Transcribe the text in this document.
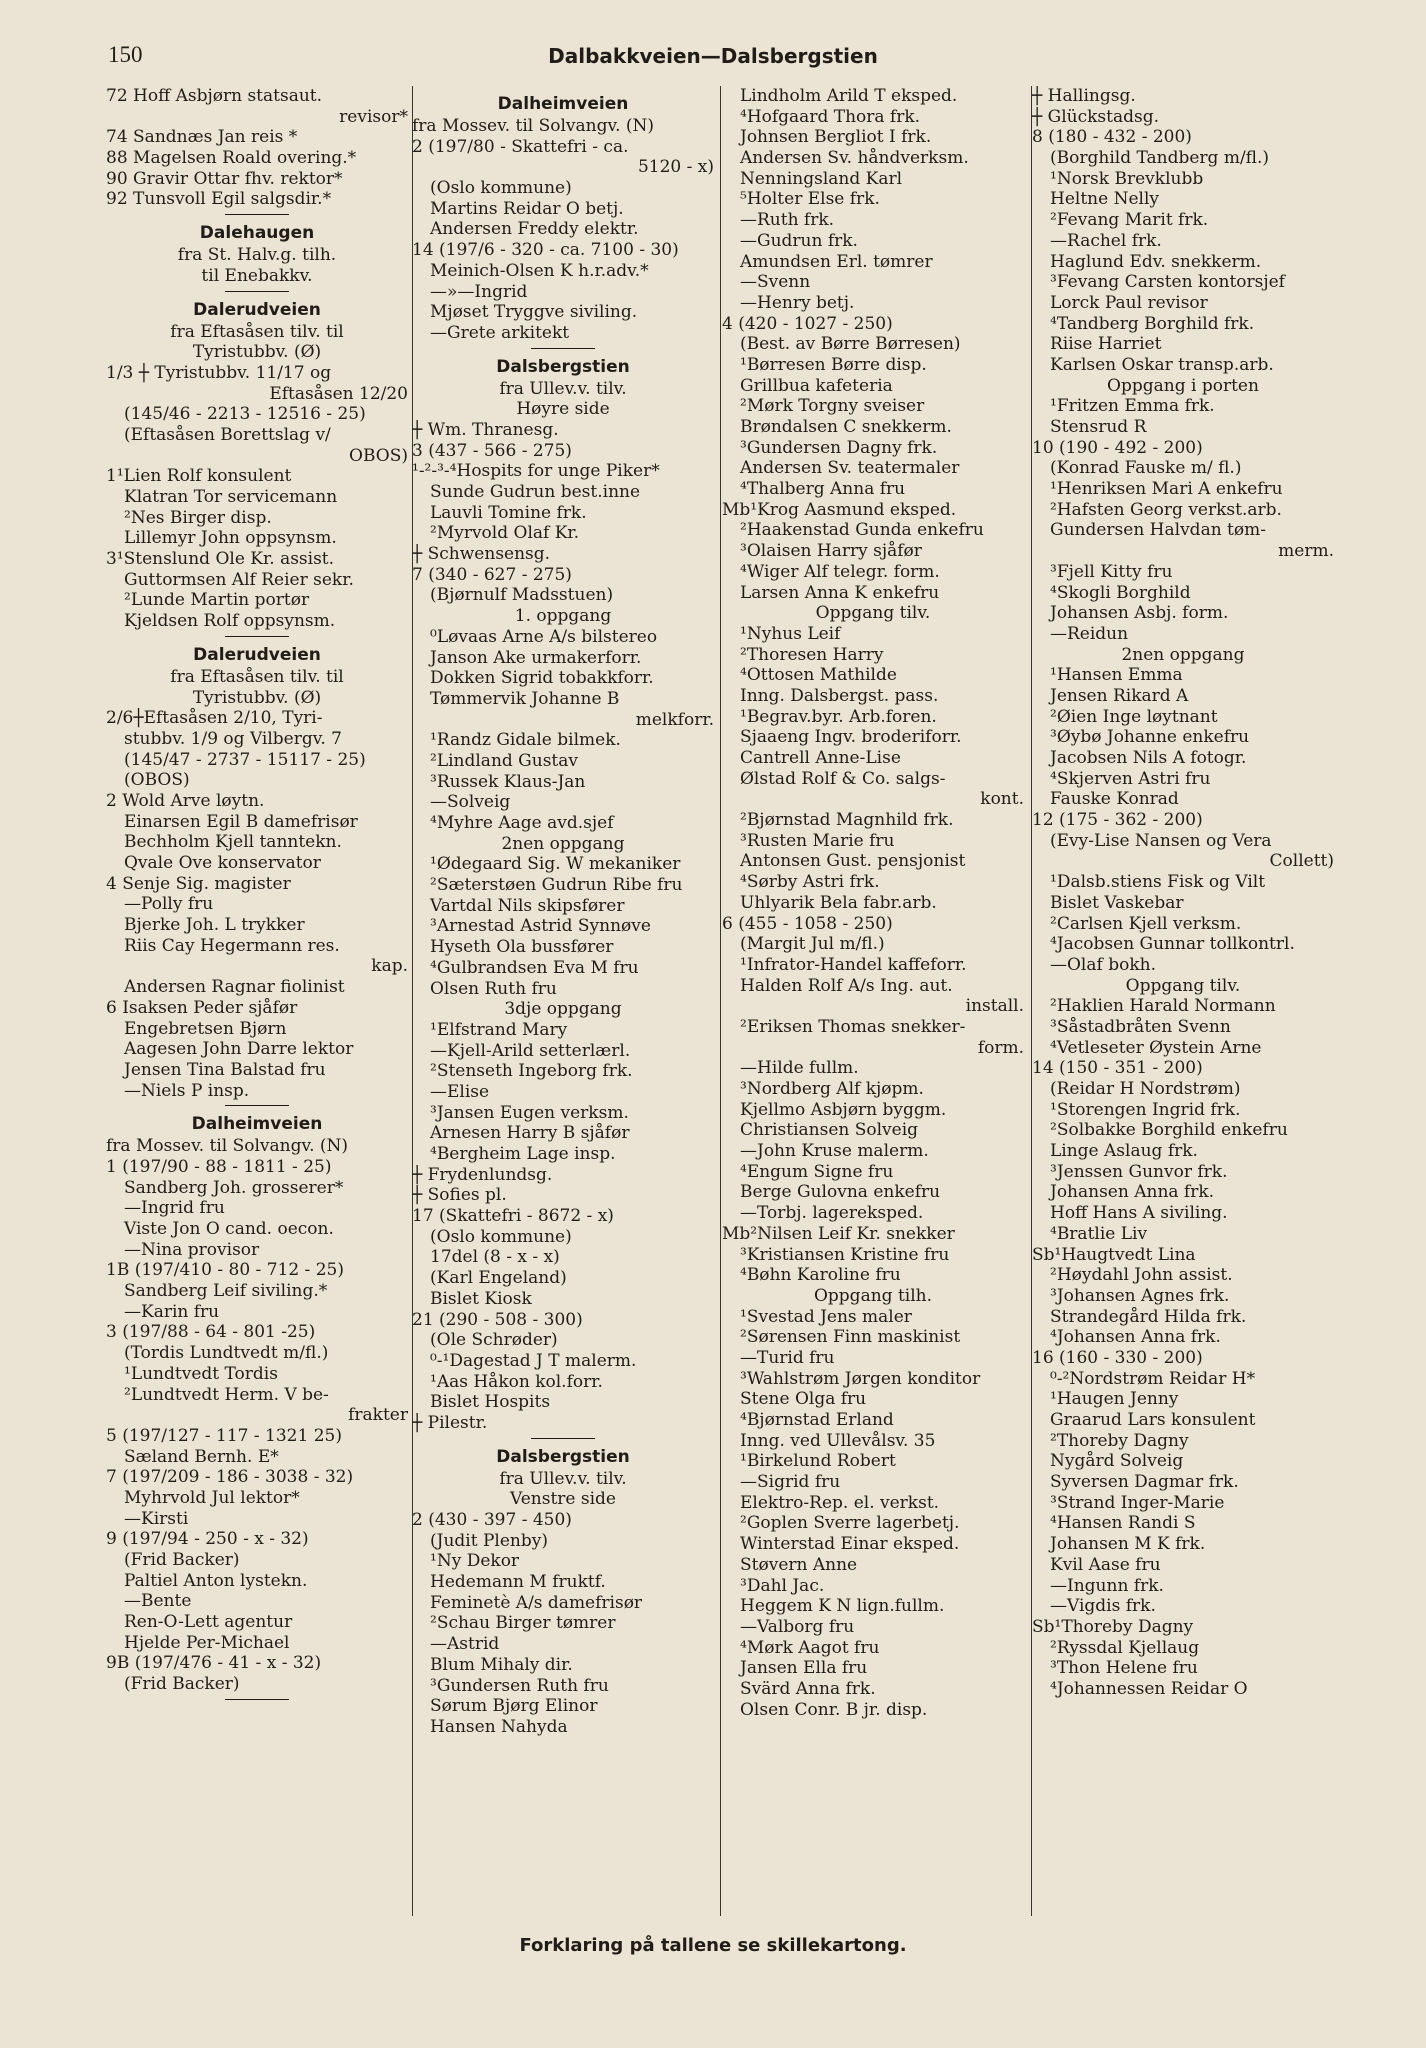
150	Dalbakkveien—Dalsbergstien
72 Hoff Asbjørn statsaut.
revisor*
74 Sandnæs Jan reis *
88 Magelsen Roald overing.*
90 Gravir Ottar fhv. rektor*
92 Tunsvoll Egil salgsdir.*
Dalehaugen
fra St. Halv.g. tilh.
til Enebakkv.
Dalerudveien
fra Eftasåsen tilv. til
Tyristubbv. (Ø)
1/3 ┼ Tyristubbv. 11/17 og
Eftasåsen 12/20
(145/46 - 2213 - 12516 - 25)
(Eftasåsen Borettslag v/
OBOS)
1¹Lien Rolf konsulent
Klatran Tor servicemann
²Nes Birger disp.
Lillemyr John oppsynsm.
3¹Stenslund Ole Kr. assist.
Guttormsen Alf Reier sekr.
²Lunde Martin portør
Kjeldsen Rolf oppsynsm.
Dalerudveien
fra Eftasåsen tilv. til
Tyristubbv. (Ø)
2/6┼Eftasåsen 2/10, Tyri-
stubbv. 1/9 og Vilbergv. 7
(145/47 - 2737 - 15117 - 25)
(OBOS)
2 Wold Arve løytn.
Einarsen Egil B damefrisør
Bechholm Kjell tanntekn.
Qvale Ove konservator
4 Senje Sig. magister
—Polly fru
Bjerke Joh. L trykker
Riis Cay Hegermann res.
kap.
Andersen Ragnar fiolinist
6 Isaksen Peder sjåfør
Engebretsen Bjørn
Aagesen John Darre lektor
Jensen Tina Balstad fru
—Niels P insp.
Dalheimveien
fra Mossev. til Solvangv. (N)
1 (197/90 - 88 - 1811 - 25)
Sandberg Joh. grosserer*
—Ingrid fru
Viste Jon O cand. oecon.
—Nina provisor
1B (197/410 - 80 - 712 - 25)
Sandberg Leif siviling.*
—Karin fru
3 (197/88 - 64 - 801 -25)
(Tordis Lundtvedt m/fl.)
¹Lundtvedt Tordis
²Lundtvedt Herm. V be-
frakter
5 (197/127 - 117 - 1321 25)
Sæland Bernh. E*
7 (197/209 - 186 - 3038 - 32)
Myhrvold Jul lektor*
—Kirsti
9 (197/94 - 250 - x - 32)
(Frid Backer)
Paltiel Anton lystekn.
—Bente
Ren-O-Lett agentur
Hjelde Per-Michael
9B (197/476 - 41 - x - 32)
(Frid Backer)
Dalheimveien
fra Mossev. til Solvangv. (N)
2 (197/80 - Skattefri - ca.
5120 - x)
(Oslo kommune)
Martins Reidar O betj.
Andersen Freddy elektr.
14 (197/6 - 320 - ca. 7100 - 30)
Meinich-Olsen K h.r.adv.*
—»—Ingrid
Mjøset Tryggve siviling.
—Grete arkitekt
Dalsbergstien
fra Ullev.v. tilv.
Høyre side
┼ Wm. Thranesg.
3 (437 - 566 - 275)
¹-²-³-⁴Hospits for unge Piker*
Sunde Gudrun best.inne
Lauvli Tomine frk.
²Myrvold Olaf Kr.
┼ Schwensensg.
7 (340 - 627 - 275)
(Bjørnulf Madsstuen)
1. oppgang
⁰Løvaas Arne A/s bilstereo
Janson Ake urmakerforr.
Dokken Sigrid tobakkforr.
Tømmervik Johanne B
melkforr.
¹Randz Gidale bilmek.
²Lindland Gustav
³Russek Klaus-Jan
—Solveig
⁴Myhre Aage avd.sjef
2nen oppgang
¹Ødegaard Sig. W mekaniker
²Sæterstøen Gudrun Ribe fru
Vartdal Nils skipsfører
³Arnestad Astrid Synnøve
Hyseth Ola bussfører
⁴Gulbrandsen Eva M fru
Olsen Ruth fru
3dje oppgang
¹Elfstrand Mary
—Kjell-Arild setterlærl.
²Stenseth Ingeborg frk.
—Elise
³Jansen Eugen verksm.
Arnesen Harry B sjåfør
⁴Bergheim Lage insp.
┼ Frydenlundsg.
┼ Sofies pl.
17 (Skattefri - 8672 - x)
(Oslo kommune)
17del (8 - x - x)
(Karl Engeland)
Bislet Kiosk
21 (290 - 508 - 300)
(Ole Schrøder)
⁰-¹Dagestad J T malerm.
¹Aas Håkon kol.forr.
Bislet Hospits
┼ Pilestr.
Dalsbergstien
fra Ullev.v. tilv.
Venstre side
2 (430 - 397 - 450)
(Judit Plenby)
¹Ny Dekor
Hedemann M fruktf.
Feminetè A/s damefrisør
²Schau Birger tømrer
—Astrid
Blum Mihaly dir.
³Gundersen Ruth fru
Sørum Bjørg Elinor
Hansen Nahyda
Lindholm Arild T eksped.
⁴Hofgaard Thora frk.
Johnsen Bergliot I frk.
Andersen Sv. håndverksm.
Nenningsland Karl
⁵Holter Else frk.
—Ruth frk.
—Gudrun frk.
Amundsen Erl. tømrer
—Svenn
—Henry betj.
4 (420 - 1027 - 250)
(Best. av Børre Børresen)
¹Børresen Børre disp.
Grillbua kafeteria
²Mørk Torgny sveiser
Brøndalsen C snekkerm.
³Gundersen Dagny frk.
Andersen Sv. teatermaler
⁴Thalberg Anna fru
Mb¹Krog Aasmund eksped.
²Haakenstad Gunda enkefru
³Olaisen Harry sjåfør
⁴Wiger Alf telegr. form.
Larsen Anna K enkefru
Oppgang tilv.
¹Nyhus Leif
²Thoresen Harry
⁴Ottosen Mathilde
Inng. Dalsbergst. pass.
¹Begrav.byr. Arb.foren.
Sjaaeng Ingv. broderiforr.
Cantrell Anne-Lise
Ølstad Rolf & Co. salgs-
kont.
²Bjørnstad Magnhild frk.
³Rusten Marie fru
Antonsen Gust. pensjonist
⁴Sørby Astri frk.
Uhlyarik Bela fabr.arb.
6 (455 - 1058 - 250)
(Margit Jul m/fl.)
¹Infrator-Handel kaffeforr.
Halden Rolf A/s Ing. aut.
install.
²Eriksen Thomas snekker-
form.
—Hilde fullm.
³Nordberg Alf kjøpm.
Kjellmo Asbjørn byggm.
Christiansen Solveig
—John Kruse malerm.
⁴Engum Signe fru
Berge Gulovna enkefru
—Torbj. lagereksped.
Mb²Nilsen Leif Kr. snekker
³Kristiansen Kristine fru
⁴Bøhn Karoline fru
Oppgang tilh.
¹Svestad Jens maler
²Sørensen Finn maskinist
—Turid fru
³Wahlstrøm Jørgen konditor
Stene Olga fru
⁴Bjørnstad Erland
Inng. ved Ullevålsv. 35
¹Birkelund Robert
—Sigrid fru
Elektro-Rep. el. verkst.
²Goplen Sverre lagerbetj.
Winterstad Einar eksped.
Støvern Anne
³Dahl Jac.
Heggem K N lign.fullm.
—Valborg fru
⁴Mørk Aagot fru
Jansen Ella fru
Svärd Anna frk.
Olsen Conr. B jr. disp.
┼ Hallingsg.
┼ Glückstadsg.
8 (180 - 432 - 200)
(Borghild Tandberg m/fl.)
¹Norsk Brevklubb
Heltne Nelly
²Fevang Marit frk.
—Rachel frk.
Haglund Edv. snekkerm.
³Fevang Carsten kontorsjef
Lorck Paul revisor
⁴Tandberg Borghild frk.
Riise Harriet
Karlsen Oskar transp.arb.
Oppgang i porten
¹Fritzen Emma frk.
Stensrud R
10 (190 - 492 - 200)
(Konrad Fauske m/ fl.)
¹Henriksen Mari A enkefru
²Hafsten Georg verkst.arb.
Gundersen Halvdan tøm-
merm.
³Fjell Kitty fru
⁴Skogli Borghild
Johansen Asbj. form.
—Reidun
2nen oppgang
¹Hansen Emma
Jensen Rikard A
²Øien Inge løytnant
³Øybø Johanne enkefru
Jacobsen Nils A fotogr.
⁴Skjerven Astri fru
Fauske Konrad
12 (175 - 362 - 200)
(Evy-Lise Nansen og Vera
Collett)
¹Dalsb.stiens Fisk og Vilt
Bislet Vaskebar
²Carlsen Kjell verksm.
⁴Jacobsen Gunnar tollkontrl.
—Olaf bokh.
Oppgang tilv.
²Haklien Harald Normann
³Såstadbråten Svenn
⁴Vetleseter Øystein Arne
14 (150 - 351 - 200)
(Reidar H Nordstrøm)
¹Storengen Ingrid frk.
²Solbakke Borghild enkefru
Linge Aslaug frk.
³Jenssen Gunvor frk.
Johansen Anna frk.
Hoff Hans A siviling.
⁴Bratlie Liv
Sb¹Haugtvedt Lina
²Høydahl John assist.
³Johansen Agnes frk.
Strandegård Hilda frk.
⁴Johansen Anna frk.
16 (160 - 330 - 200)
⁰-²Nordstrøm Reidar H*
¹Haugen Jenny
Graarud Lars konsulent
²Thoreby Dagny
Nygård Solveig
Syversen Dagmar frk.
³Strand Inger-Marie
⁴Hansen Randi S
Johansen M K frk.
Kvil Aase fru
—Ingunn frk.
—Vigdis frk.
Sb¹Thoreby Dagny
²Ryssdal Kjellaug
³Thon Helene fru
⁴Johannessen Reidar O
Forklaring på tallene se skillekartong.
